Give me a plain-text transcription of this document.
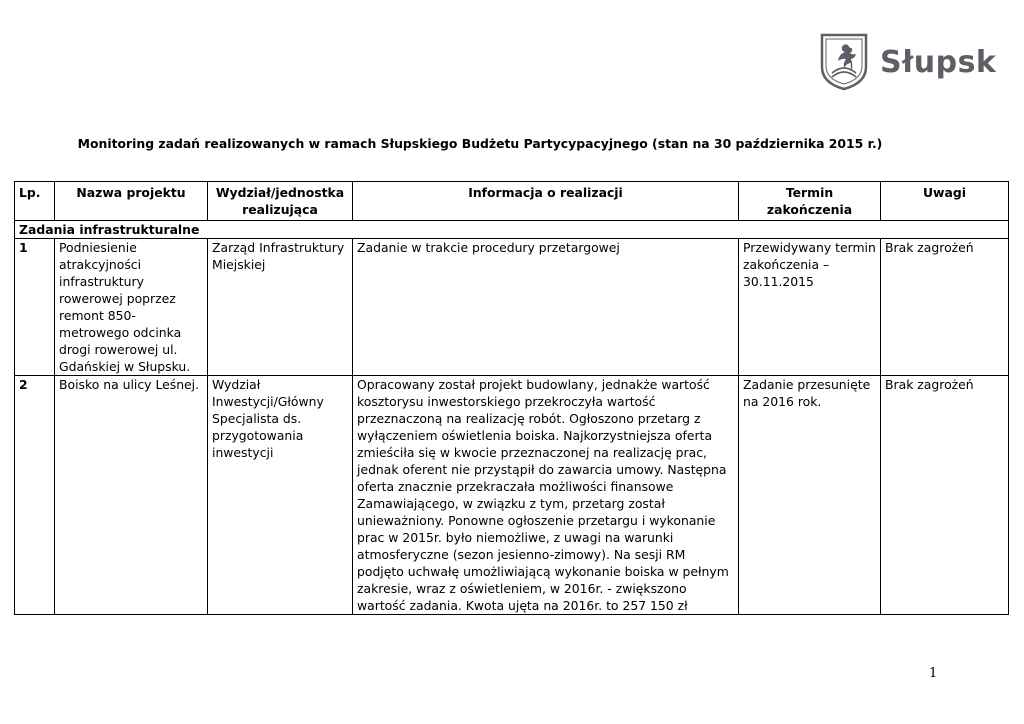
Słupsk
Monitoring zadań realizowanych w ramach Słupskiego Budżetu Partycypacyjnego (stan na 30 października 2015 r.)
Lp.	Nazwa projektu	Wydział/jednostka realizująca	Informacja o realizacji	Termin zakończenia	Uwagi
Zadania infrastrukturalne					
1	Podniesienie atrakcyjności infrastruktury rowerowej poprzez remont 850-metrowego odcinka drogi rowerowej ul. Gdańskiej w Słupsku.	Zarząd Infrastruktury Miejskiej	Zadanie w trakcie procedury przetargowej	Przewidywany termin zakończenia – 30.11.2015	Brak zagrożeń
2	Boisko na ulicy Leśnej.	Wydział Inwestycji/Główny Specjalista ds. przygotowania inwestycji	Opracowany został projekt budowlany, jednakże wartość kosztorysu inwestorskiego przekroczyła wartość przeznaczoną na realizację robót. Ogłoszono przetarg z wyłączeniem oświetlenia boiska. Najkorzystniejsza oferta zmieściła się w kwocie przeznaczonej na realizację prac, jednak oferent nie przystąpił do zawarcia umowy. Następna oferta znacznie przekraczała możliwości finansowe Zamawiającego, w związku z tym, przetarg został unieważniony. Ponowne ogłoszenie przetargu i wykonanie prac w 2015r. było niemożliwe, z uwagi na warunki atmosferyczne (sezon jesienno-zimowy). Na sesji RM podjęto uchwałę umożliwiającą wykonanie boiska w pełnym zakresie, wraz z oświetleniem, w 2016r. - zwiększono wartość zadania. Kwota ujęta na 2016r. to 257 150 zł	Zadanie przesunięte na 2016 rok.	Brak zagrożeń
1
